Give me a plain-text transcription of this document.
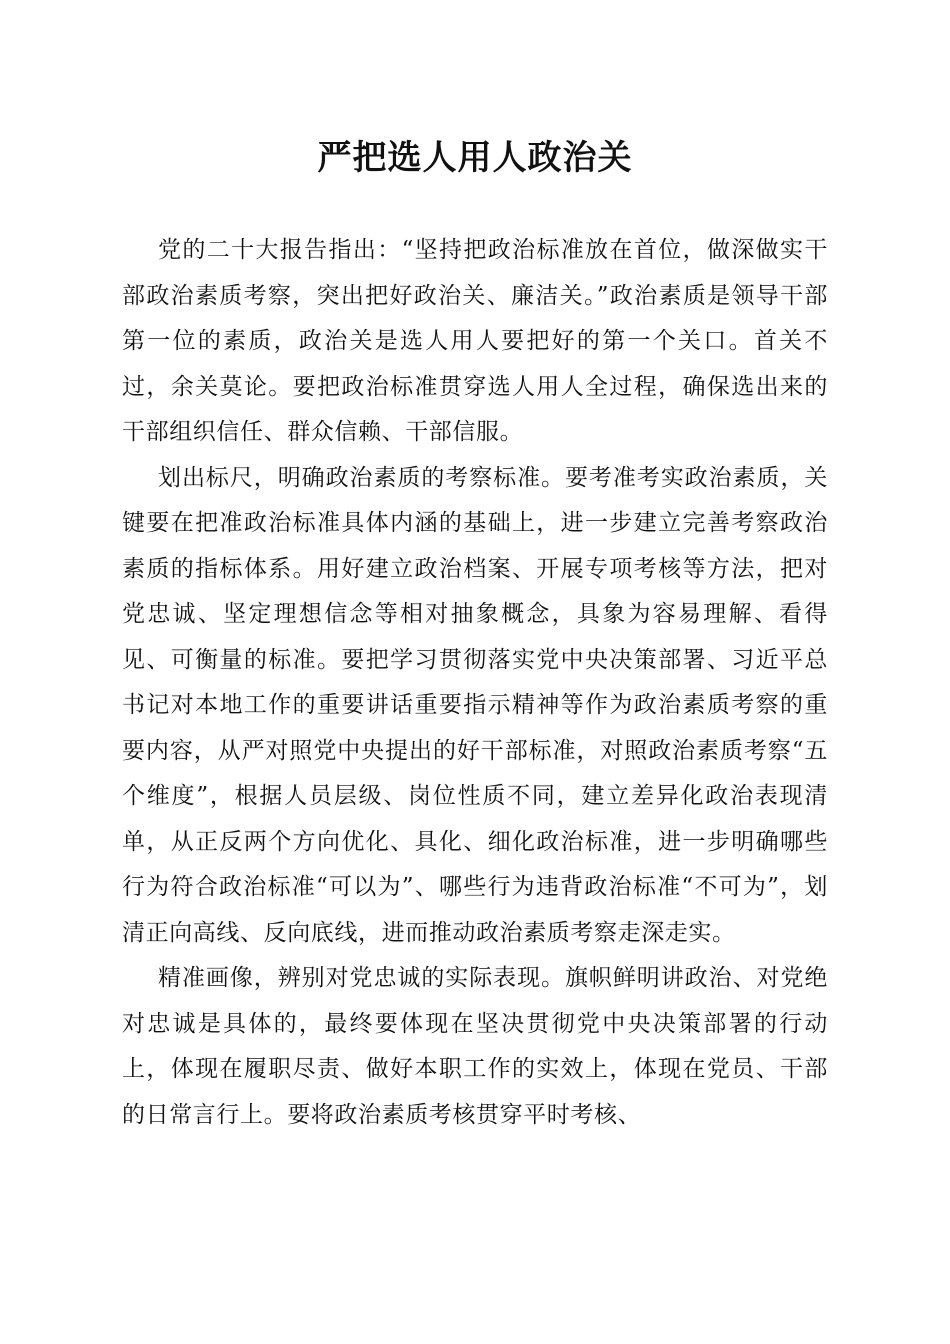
严把选人用人政治关

党的二十大报告指出：“坚持把政治标准放在首位，做深做实干部政治素质考察，突出把好政治关、廉洁关。”政治素质是领导干部第一位的素质，政治关是选人用人要把好的第一个关口。首关不过，余关莫论。要把政治标准贯穿选人用人全过程，确保选出来的干部组织信任、群众信赖、干部信服。

划出标尺，明确政治素质的考察标准。要考准考实政治素质，关键要在把准政治标准具体内涵的基础上，进一步建立完善考察政治素质的指标体系。用好建立政治档案、开展专项考核等方法，把对党忠诚、坚定理想信念等相对抽象概念，具象为容易理解、看得见、可衡量的标准。要把学习贯彻落实党中央决策部署、习近平总书记对本地工作的重要讲话重要指示精神等作为政治素质考察的重要内容，从严对照党中央提出的好干部标准，对照政治素质考察“五个维度”，根据人员层级、岗位性质不同，建立差异化政治表现清单，从正反两个方向优化、具化、细化政治标准，进一步明确哪些行为符合政治标准“可以为”、哪些行为违背政治标准“不可为”，划清正向高线、反向底线，进而推动政治素质考察走深走实。

精准画像，辨别对党忠诚的实际表现。旗帜鲜明讲政治、对党绝对忠诚是具体的，最终要体现在坚决贯彻党中央决策部署的行动上，体现在履职尽责、做好本职工作的实效上，体现在党员、干部的日常言行上。要将政治素质考核贯穿平时考核、
